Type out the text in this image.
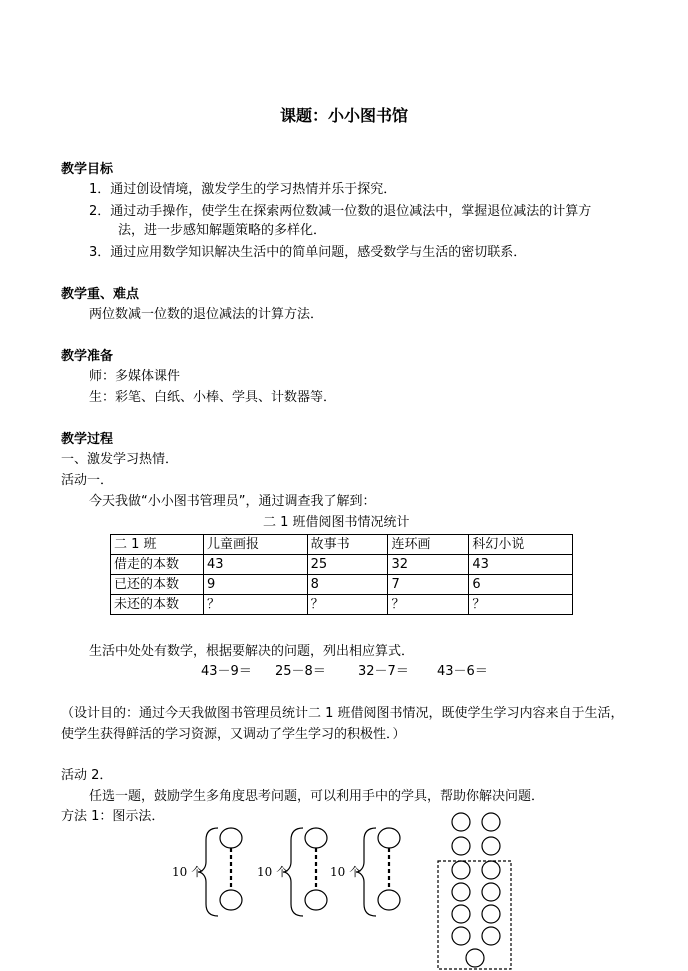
课题：小小图书馆
教学目标
1．通过创设情境，激发学生的学习热情并乐于探究．
2．通过动手操作，使学生在探索两位数减一位数的退位减法中，掌握退位减法的计算方
法，进一步感知解题策略的多样化．
3．通过应用数学知识解决生活中的简单问题，感受数学与生活的密切联系．
教学重、难点
两位数减一位数的退位减法的计算方法．
教学准备
师：多媒体课件
生：彩笔、白纸、小棒、学具、计数器等．
教学过程
一、激发学习热情．
活动一．
今天我做“小小图书管理员”，通过调查我了解到：
二 1 班借阅图书情况统计
二 1 班	儿童画报	故事书	连环画	科幻小说
借走的本数	43	25	32	43
已还的本数	9	8	7	6
未还的本数	？	？	？	？
生活中处处有数学，根据要解决的问题，列出相应算式．
43－9＝ 25－8＝ 32－7＝ 43－6＝
（设计目的：通过今天我做图书管理员统计二 1 班借阅图书情况，既使学生学习内容来自于生活，
使学生获得鲜活的学习资源，又调动了学生学习的积极性．）
活动 2．
任选一题，鼓励学生多角度思考问题，可以利用手中的学具，帮助你解决问题．
方法 1：图示法．
10 个	10 个	10 个
